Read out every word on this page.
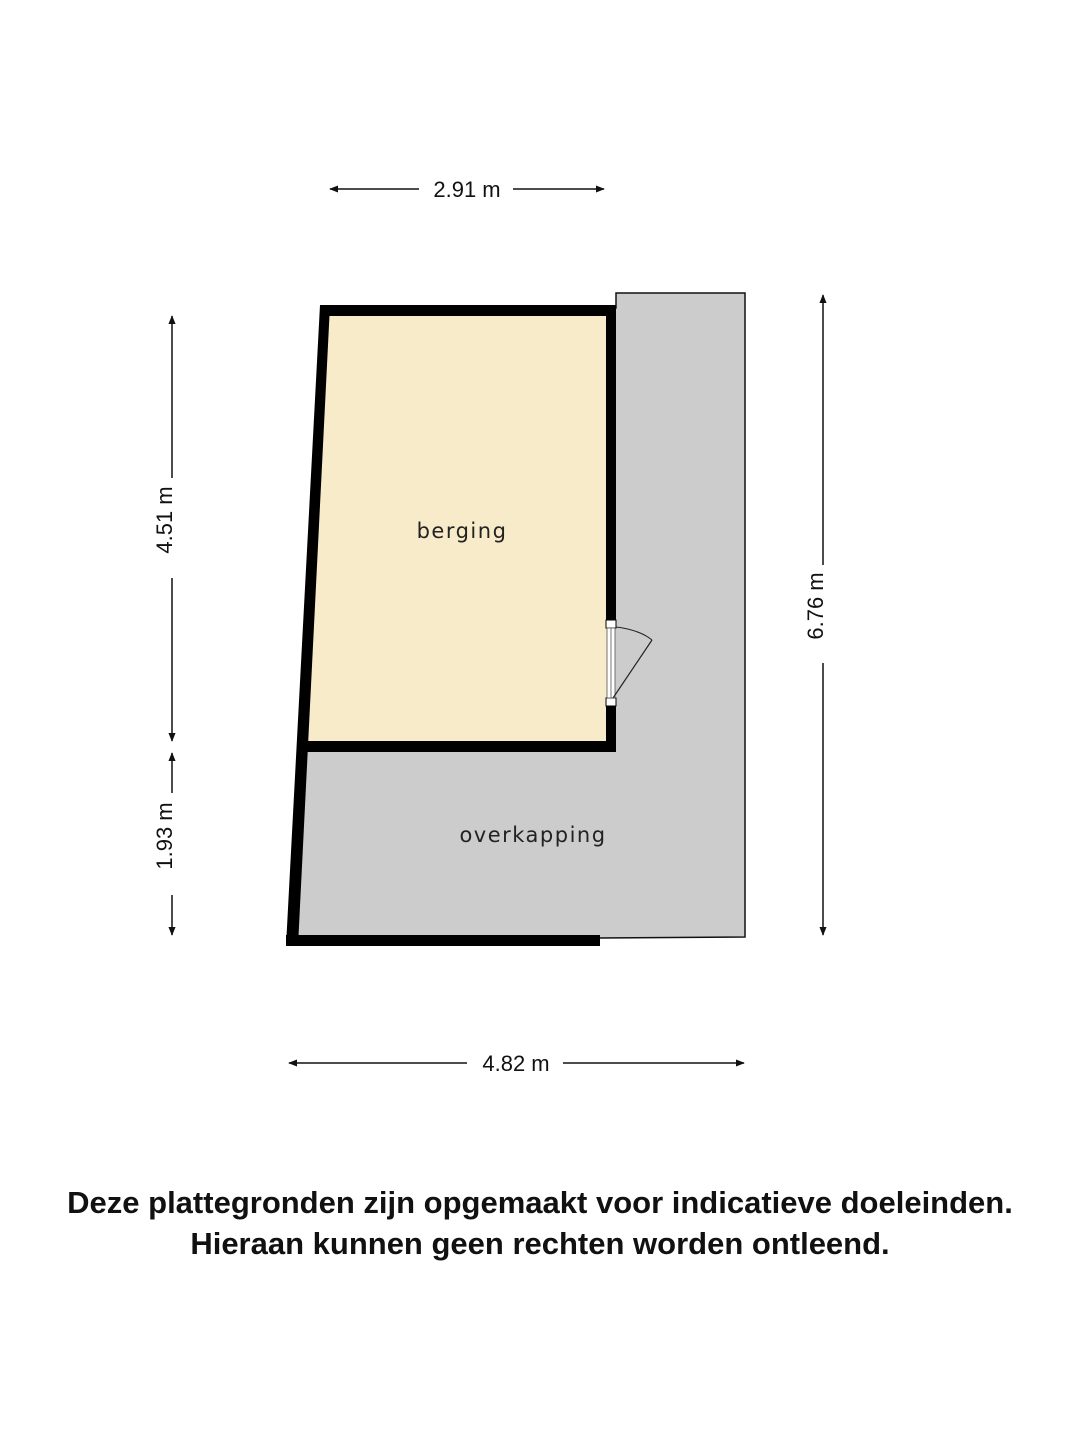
berging
overkapping
2.91 m
4.82 m
4.51 m
1.93 m
6.76 m
Deze plattegronden zijn opgemaakt voor indicatieve doeleinden.
Hieraan kunnen geen rechten worden ontleend.
